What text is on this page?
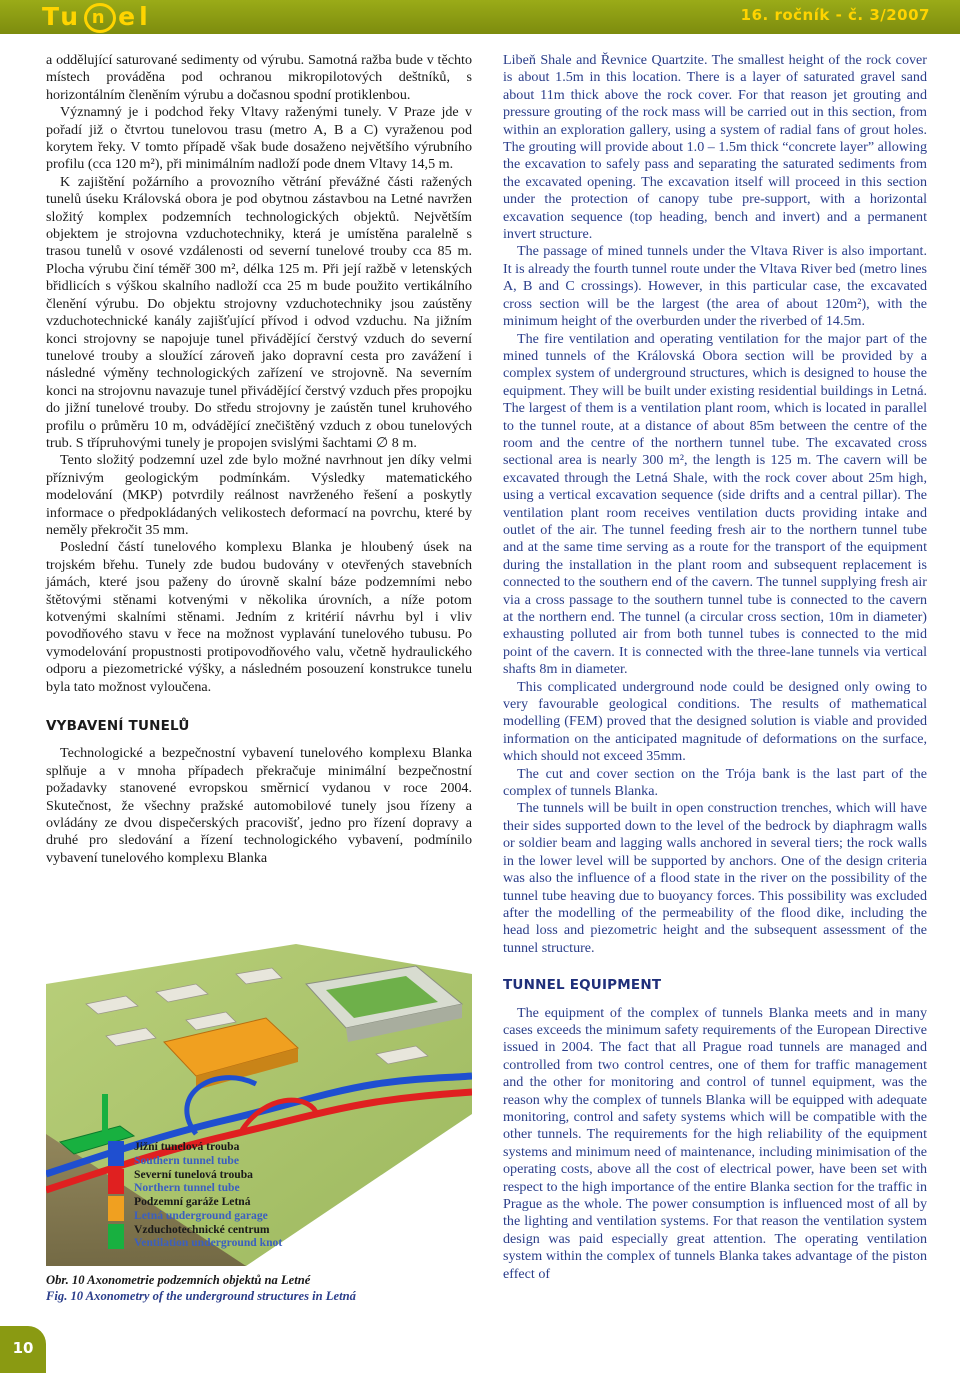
Tu n el	16. ročník - č. 3/2007

a oddělující saturované sedimenty od výrubu. Samotná ražba bude v těchto místech prováděna pod ochranou mikropilotových deštníků, s horizontálním členěním výrubu a dočasnou spodní protiklenbou.

Významný je i podchod řeky Vltavy raženými tunely. V Praze jde v pořadí již o čtvrtou tunelovou trasu (metro A, B a C) vyraženou pod korytem řeky. V tomto případě však bude dosaženo největšího výrubního profilu (cca 120 m²), při minimálním nadloží pode dnem Vltavy 14,5 m.

K zajištění požárního a provozního větrání převážné části ražených tunelů úseku Královská obora je pod obytnou zástavbou na Letné navržen složitý komplex podzemních technologických objektů. Největším objektem je strojovna vzduchotechniky, která je umístěna paralelně s trasou tunelů v osové vzdálenosti od severní tunelové trouby cca 85 m. Plocha výrubu činí téměř 300 m², délka 125 m. Při její ražbě v letenských břidlicích s výškou skalního nadloží cca 25 m bude použito vertikálního členění výrubu. Do objektu strojovny vzduchotechniky jsou zaústěny vzduchotechnické kanály zajišťující přívod i odvod vzduchu. Na jižním konci strojovny se napojuje tunel přivádějící čerstvý vzduch do severní tunelové trouby a sloužící zároveň jako dopravní cesta pro zavážení i následné výměny technologických zařízení ve strojovně. Na severním konci na strojovnu navazuje tunel přivádějící čerstvý vzduch přes propojku do jižní tunelové trouby. Do středu strojovny je zaústěn tunel kruhového profilu o průměru 10 m, odvádějící znečištěný vzduch z obou tunelových trub. S třípruhovými tunely je propojen svislými šachtami ∅ 8 m.

Tento složitý podzemní uzel zde bylo možné navrhnout jen díky velmi příznivým geologickým podmínkám. Výsledky matematického modelování (MKP) potvrdily reálnost navrženého řešení a poskytly informace o předpokládaných velikostech deformací na povrchu, které by neměly překročit 35 mm.

Poslední částí tunelového komplexu Blanka je hloubený úsek na trojském břehu. Tunely zde budou budovány v otevřených stavebních jámách, které jsou paženy do úrovně skalní báze podzemními nebo štětovými stěnami kotvenými v několika úrovních, a níže potom kotvenými skalními stěnami. Jedním z kritérií návrhu byl i vliv povodňového stavu v řece na možnost vyplavání tunelového tubusu. Po vymodelování propustnosti protipovodňového valu, včetně hydraulického odporu a piezometrické výšky, a následném posouzení konstrukce tunelu byla tato možnost vyloučena.

VYBAVENÍ TUNELŮ

Technologické a bezpečnostní vybavení tunelového komplexu Blanka splňuje a v mnoha případech překračuje minimální bezpečnostní požadavky stanovené evropskou směrnicí vydanou v roce 2004. Skutečnost, že všechny pražské automobilové tunely jsou řízeny a ovládány ze dvou dispečerských pracovišť, jedno pro řízení dopravy a druhé pro sledování a řízení technologického vybavení, podmínilo vybavení tunelového komplexu Blanka

Libeň Shale and Řevnice Quartzite. The smallest height of the rock cover is about 1.5m in this location. There is a layer of saturated gravel sand about 11m thick above the rock cover. For that reason jet grouting and pressure grouting of the rock mass will be carried out in this section, from within an exploration gallery, using a system of radial fans of grout holes. The grouting will provide about 1.0 – 1.5m thick “concrete layer” allowing the excavation to safely pass and separating the saturated sediments from the excavated opening. The excavation itself will proceed in this section under the protection of canopy tube pre-support, with a horizontal excavation sequence (top heading, bench and invert) and a permanent invert structure.

The passage of mined tunnels under the Vltava River is also important. It is already the fourth tunnel route under the Vltava River bed (metro lines A, B and C crossings). However, in this particular case, the excavated cross section will be the largest (the area of about 120m²), with the minimum height of the overburden under the riverbed of 14.5m.

The fire ventilation and operating ventilation for the major part of the mined tunnels of the Královská Obora section will be provided by a complex system of underground structures, which is designed to house the equipment. They will be built under existing residential buildings in Letná. The largest of them is a ventilation plant room, which is located in parallel to the tunnel route, at a distance of about 85m between the centre of the room and the centre of the northern tunnel tube. The excavated cross sectional area is nearly 300 m², the length is 125 m. The cavern will be excavated through the Letná Shale, with the rock cover about 25m high, using a vertical excavation sequence (side drifts and a central pillar). The ventilation plant room receives ventilation ducts providing intake and outlet of the air. The tunnel feeding fresh air to the northern tunnel tube and at the same time serving as a route for the transport of the equipment during the installation in the plant room and subsequent replacement is connected to the southern end of the cavern. The tunnel supplying fresh air via a cross passage to the southern tunnel tube is connected to the cavern at the northern end. The tunnel (a circular cross section, 10m in diameter) exhausting polluted air from both tunnel tubes is connected to the mid point of the cavern. It is connected with the three-lane tunnels via vertical shafts 8m in diameter.

This complicated underground node could be designed only owing to very favourable geological conditions. The results of mathematical modelling (FEM) proved that the designed solution is viable and provided information on the anticipated magnitude of deformations on the surface, which should not exceed 35mm.

The cut and cover section on the Trója bank is the last part of the complex of tunnels Blanka.

The tunnels will be built in open construction trenches, which will have their sides supported down to the level of the bedrock by diaphragm walls or soldier beam and lagging walls anchored in several tiers; the rock walls in the lower level will be supported by anchors. One of the design criteria was also the influence of a flood state in the river on the possibility of the tunnel tube heaving due to buoyancy forces. This possibility was excluded after the modelling of the permeability of the flood dike, including the head loss and piezometric height and the subsequent assessment of the tunnel structure.

TUNNEL EQUIPMENT

The equipment of the complex of tunnels Blanka meets and in many cases exceeds the minimum safety requirements of the European Directive issued in 2004. The fact that all Prague road tunnels are managed and controlled from two control centres, one of them for traffic management and the other for monitoring and control of tunnel equipment, was the reason why the complex of tunnels Blanka will be equipped with adequate monitoring, control and safety systems which will be compatible with the other tunnels. The requirements for the high reliability of the equipment systems and minimum need of maintenance, including minimisation of the operating costs, above all the cost of electrical power, have been set with respect to the high importance of the entire Blanka section for the traffic in Prague as the whole. The power consumption is influenced most of all by the lighting and ventilation systems. For that reason the ventilation system design was paid especially great attention. The operating ventilation system within the complex of tunnels Blanka takes advantage of the piston effect of

Jižní tunelová trouba
Southern tunnel tube
Severní tunelová trouba
Northern tunnel tube
Podzemní garáže Letná
Letná underground garage
Vzduchotechnické centrum
Ventilation underground knot
Obr. 10 Axonometrie podzemních objektů na Letné
Fig. 10 Axonometry of the underground structures in Letná
10
